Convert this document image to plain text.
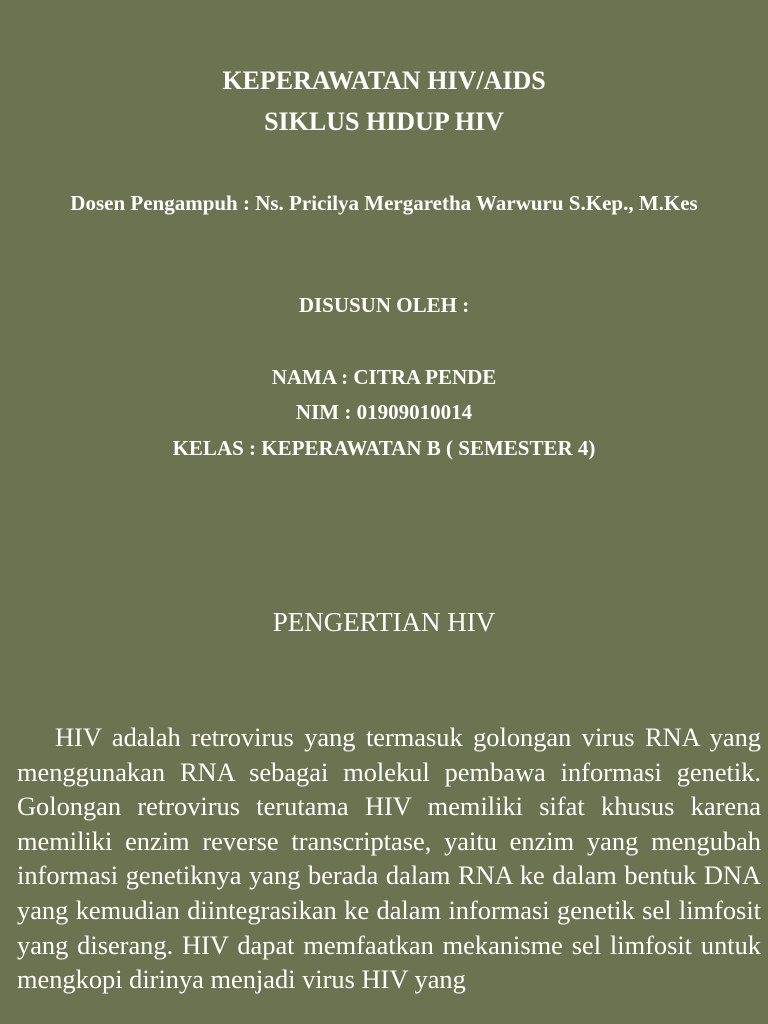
KEPERAWATAN HIV/AIDS
SIKLUS HIDUP HIV
Dosen Pengampuh : Ns. Pricilya Mergaretha Warwuru S.Kep., M.Kes
DISUSUN OLEH :
NAMA : CITRA PENDE
NIM : 01909010014
KELAS : KEPERAWATAN B ( SEMESTER 4)
PENGERTIAN HIV
HIV adalah retrovirus yang termasuk golongan virus RNA yang menggunakan RNA sebagai molekul pembawa informasi genetik. Golongan retrovirus terutama HIV memiliki sifat khusus karena memiliki enzim reverse transcriptase, yaitu enzim yang mengubah informasi genetiknya yang berada dalam RNA ke dalam bentuk DNA yang kemudian diintegrasikan ke dalam informasi genetik sel limfosit yang diserang. HIV dapat memfaatkan mekanisme sel limfosit untuk mengkopi dirinya menjadi virus HIV yang
